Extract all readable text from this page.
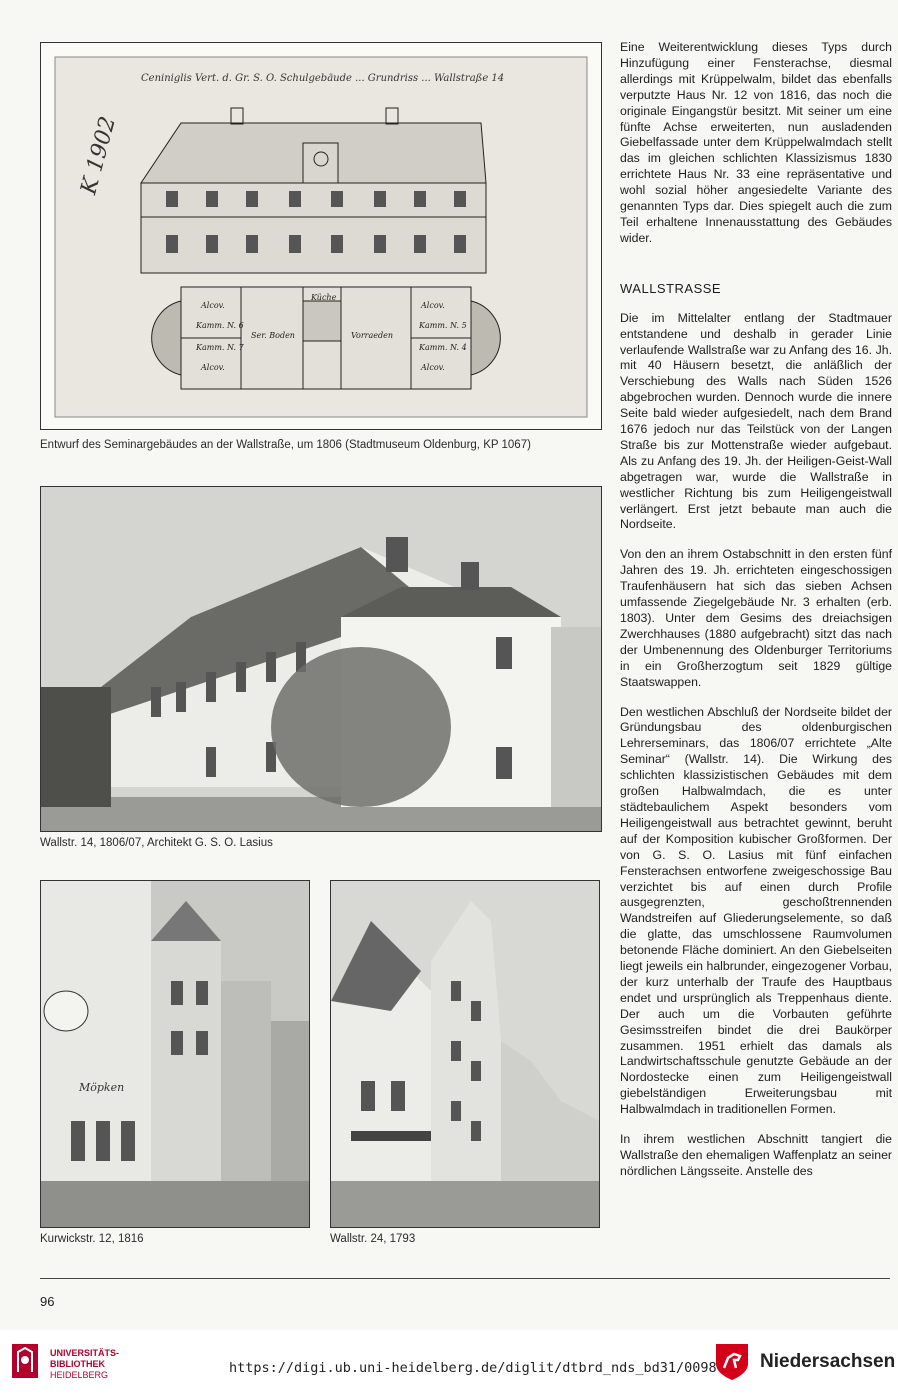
Ceniniglis Vert. d. Gr. S. O. Schulgebäude ... Grundriss ... Wallstraße 14
K 1902
Alcov.
Kamm. N. 6
Kamm. N. 7
Alcov.
Ser. Boden
Küche
Vorraeden
Alcov.
Kamm. N. 5
Kamm. N. 4
Alcov.
Entwurf des Seminargebäudes an der Wallstraße, um 1806 (Stadtmuseum Oldenburg, KP 1067)
Wallstr. 14, 1806/07, Architekt G. S. O. Lasius
Möpken
Kurwickstr. 12, 1816	Wallstr. 24, 1793

Eine Weiterentwicklung dieses Typs durch Hinzufügung einer Fensterachse, diesmal allerdings mit Krüppelwalm, bildet das ebenfalls verputzte Haus Nr. 12 von 1816, das noch die originale Eingangstür besitzt. Mit seiner um eine fünfte Achse erweiterten, nun ausladenden Giebelfassade unter dem Krüppelwalmdach stellt das im gleichen schlichten Klassizismus 1830 errichtete Haus Nr. 33 eine repräsentative und wohl sozial höher angesiedelte Variante des genannten Typs dar. Dies spiegelt auch die zum Teil erhaltene Innenausstattung des Gebäudes wider.

WALLSTRASSE

Die im Mittelalter entlang der Stadtmauer entstandene und deshalb in gerader Linie verlaufende Wallstraße war zu Anfang des 16. Jh. mit 40 Häusern besetzt, die anläßlich der Verschiebung des Walls nach Süden 1526 abgebrochen wurden. Dennoch wurde die innere Seite bald wieder aufgesiedelt, nach dem Brand 1676 jedoch nur das Teilstück von der Langen Straße bis zur Mottenstraße wieder aufgebaut. Als zu Anfang des 19. Jh. der Heiligen-Geist-Wall abgetragen war, wurde die Wallstraße in westlicher Richtung bis zum Heiligengeistwall verlängert. Erst jetzt bebaute man auch die Nordseite.

Von den an ihrem Ostabschnitt in den ersten fünf Jahren des 19. Jh. errichteten eingeschossigen Traufenhäusern hat sich das sieben Achsen umfassende Ziegelgebäude Nr. 3 erhalten (erb. 1803). Unter dem Gesims des dreiachsigen Zwerchhauses (1880 aufgebracht) sitzt das nach der Umbenennung des Oldenburger Territoriums in ein Großherzogtum seit 1829 gültige Staatswappen.

Den westlichen Abschluß der Nordseite bildet der Gründungsbau des oldenburgischen Lehrerseminars, das 1806/07 errichtete „Alte Seminar“ (Wallstr. 14). Die Wirkung des schlichten klassizistischen Gebäudes mit dem großen Halbwalmdach, die es unter städtebaulichem Aspekt besonders vom Heiligengeistwall aus betrachtet gewinnt, beruht auf der Komposition kubischer Großformen. Der von G. S. O. Lasius mit fünf einfachen Fensterachsen entworfene zweigeschossige Bau verzichtet bis auf einen durch Profile ausgegrenzten, geschoßtrennenden Wandstreifen auf Gliederungselemente, so daß die glatte, das umschlossene Raumvolumen betonende Fläche dominiert. An den Giebelseiten liegt jeweils ein halbrunder, eingezogener Vorbau, der kurz unterhalb der Traufe des Hauptbaus endet und ursprünglich als Treppenhaus diente. Der auch um die Vorbauten geführte Gesimsstreifen bindet die drei Baukörper zusammen. 1951 erhielt das damals als Landwirtschaftsschule genutzte Gebäude an der Nordostecke einen zum Heiligengeistwall giebelständigen Erweiterungsbau mit Halbwalmdach in traditionellen Formen.

In ihrem westlichen Abschnitt tangiert die Wallstraße den ehemaligen Waffenplatz an seiner nördlichen Längsseite. Anstelle des

96
UNIVERSITÄTS-
BIBLIOTHEK
HEIDELBERG	https://digi.ub.uni-heidelberg.de/diglit/dtbrd_nds_bd31/0098 Niedersachsen
